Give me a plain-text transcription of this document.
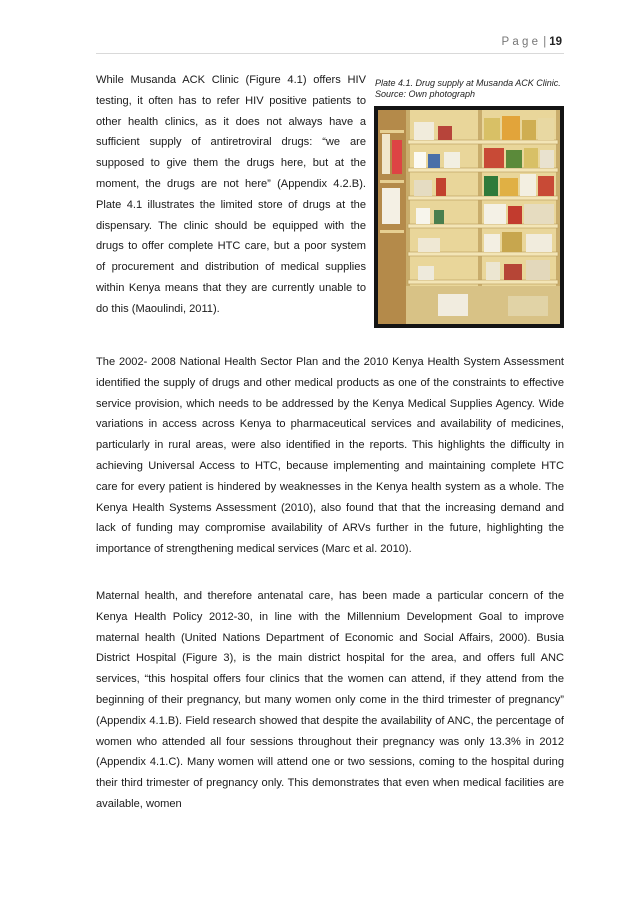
Page | 19

While Musanda ACK Clinic (Figure 4.1) offers HIV testing, it often has to refer HIV positive patients to other health clinics, as it does not always have a sufficient supply of antiretroviral drugs: “we are supposed to give them the drugs here, but at the moment, the drugs are not here” (Appendix 4.2.B). Plate 4.1 illustrates the limited store of drugs at the dispensary. The clinic should be equipped with the drugs to offer complete HTC care, but a poor system of procurement and distribution of medical supplies within Kenya means that they are currently unable to do this (Maoulindi, 2011).

Plate 4.1. Drug supply at Musanda ACK Clinic. Source: Own photograph

The 2002- 2008 National Health Sector Plan and the 2010 Kenya Health System Assessment identified the supply of drugs and other medical products as one of the constraints to effective service provision, which needs to be addressed by the Kenya Medical Supplies Agency. Wide variations in access across Kenya to pharmaceutical services and availability of medicines, particularly in rural areas, were also identified in the reports. This highlights the difficulty in achieving Universal Access to HTC, because implementing and maintaining complete HTC care for every patient is hindered by weaknesses in the Kenya health system as a whole. The Kenya Health Systems Assessment (2010), also found that that the increasing demand and lack of funding may compromise availability of ARVs further in the future, highlighting the importance of strengthening medical services (Marc et al. 2010).

Maternal health, and therefore antenatal care, has been made a particular concern of the Kenya Health Policy 2012-30, in line with the Millennium Development Goal to improve maternal health (United Nations Department of Economic and Social Affairs, 2000). Busia District Hospital (Figure 3), is the main district hospital for the area, and offers full ANC services, “this hospital offers four clinics that the women can attend, if they attend from the beginning of their pregnancy, but many women only come in the third trimester of pregnancy” (Appendix 4.1.B). Field research showed that despite the availability of ANC, the percentage of women who attended all four sessions throughout their pregnancy was only 13.3% in 2012 (Appendix 4.1.C). Many women will attend one or two sessions, coming to the hospital during their third trimester of pregnancy only. This demonstrates that even when medical facilities are available, women
